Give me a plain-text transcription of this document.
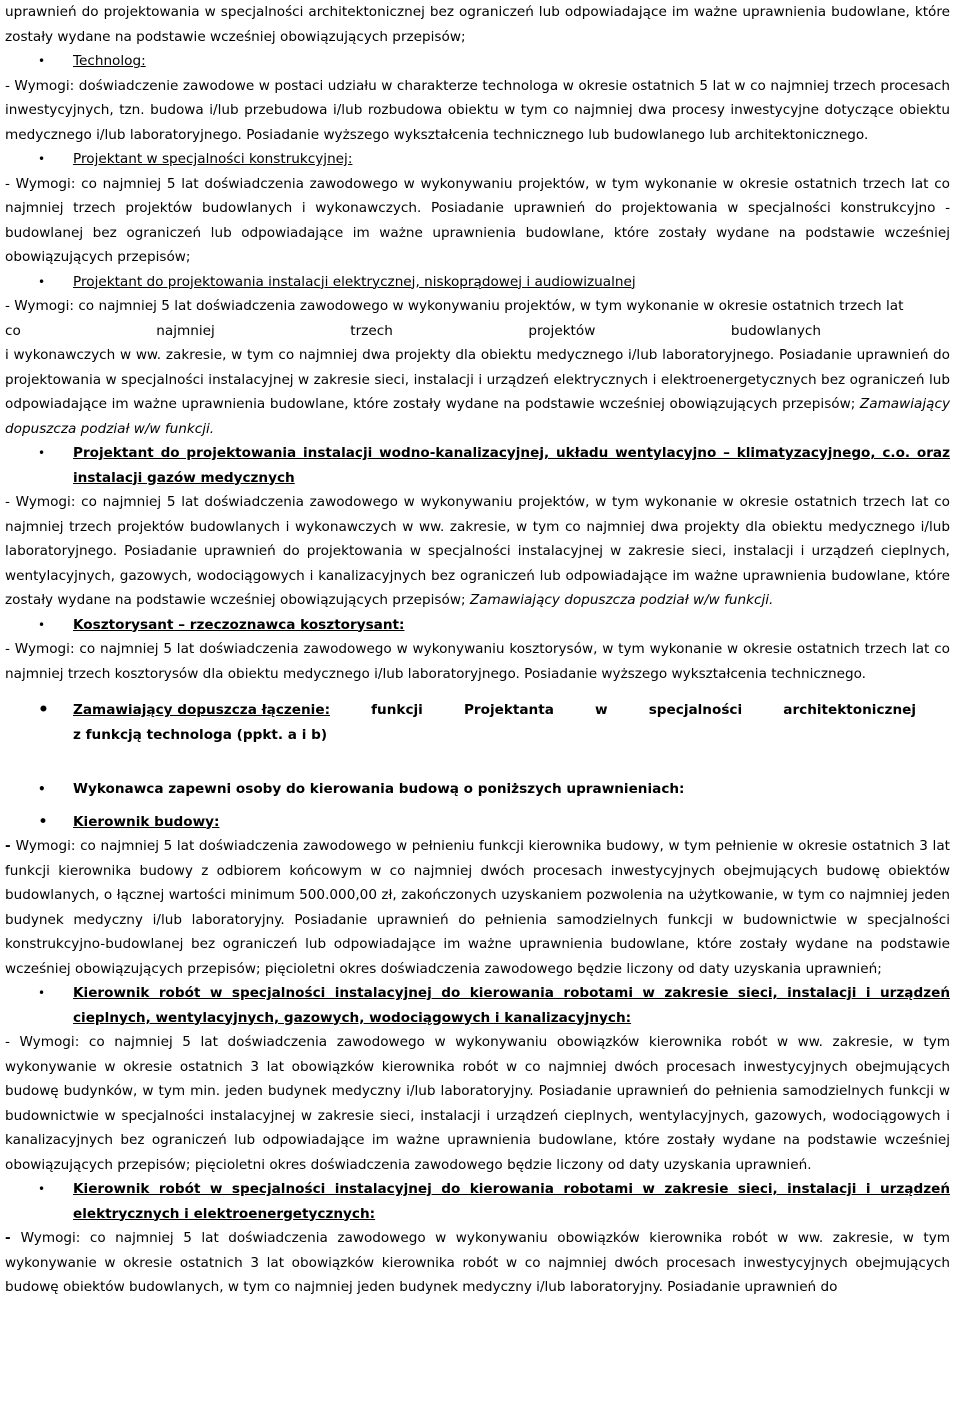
uprawnień do projektowania w specjalności architektonicznej bez ograniczeń lub odpowiadające im ważne uprawnienia budowlane, które zostały wydane na podstawie wcześniej obowiązujących przepisów;

• Technolog:

- Wymogi: doświadczenie zawodowe w postaci udziału w charakterze technologa w okresie ostatnich 5 lat w co najmniej trzech procesach inwestycyjnych, tzn. budowa i/lub przebudowa i/lub rozbudowa obiektu w tym co najmniej dwa procesy inwestycyjne dotyczące obiektu medycznego i/lub laboratoryjnego. Posiadanie wyższego wykształcenia technicznego lub budowlanego lub architektonicznego.

• Projektant w specjalności konstrukcyjnej:

- Wymogi: co najmniej 5 lat doświadczenia zawodowego w wykonywaniu projektów, w tym wykonanie w okresie ostatnich trzech lat co najmniej trzech projektów budowlanych i wykonawczych. Posiadanie uprawnień do projektowania w specjalności konstrukcyjno -budowlanej bez ograniczeń lub odpowiadające im ważne uprawnienia budowlane, które zostały wydane na podstawie wcześniej obowiązujących przepisów;

• Projektant do projektowania instalacji elektrycznej, niskoprądowej i audiowizualnej

- Wymogi: co najmniej 5 lat doświadczenia zawodowego w wykonywaniu projektów, w tym wykonanie w okresie ostatnich trzech lat

co	najmniej	trzech	projektów	budowlanych

i wykonawczych w ww. zakresie, w tym co najmniej dwa projekty dla obiektu medycznego i/lub laboratoryjnego. Posiadanie uprawnień do projektowania w specjalności instalacyjnej w zakresie sieci, instalacji i urządzeń elektrycznych i elektroenergetycznych bez ograniczeń lub odpowiadające im ważne uprawnienia budowlane, które zostały wydane na podstawie wcześniej obowiązujących przepisów; Zamawiający dopuszcza podział w/w funkcji.

• Projektant do projektowania instalacji wodno-kanalizacyjnej, układu wentylacyjno – klimatyzacyjnego, c.o. oraz instalacji gazów medycznych

- Wymogi: co najmniej 5 lat doświadczenia zawodowego w wykonywaniu projektów, w tym wykonanie w okresie ostatnich trzech lat co najmniej trzech projektów budowlanych i wykonawczych w ww. zakresie, w tym co najmniej dwa projekty dla obiektu medycznego i/lub laboratoryjnego. Posiadanie uprawnień do projektowania w specjalności instalacyjnej w zakresie sieci, instalacji i urządzeń cieplnych, wentylacyjnych, gazowych, wodociągowych i kanalizacyjnych bez ograniczeń lub odpowiadające im ważne uprawnienia budowlane, które zostały wydane na podstawie wcześniej obowiązujących przepisów; Zamawiający dopuszcza podział w/w funkcji.

• Kosztorysant – rzeczoznawca kosztorysant:

- Wymogi: co najmniej 5 lat doświadczenia zawodowego w wykonywaniu kosztorysów, w tym wykonanie w okresie ostatnich trzech lat co najmniej trzech kosztorysów dla obiektu medycznego i/lub laboratoryjnego. Posiadanie wyższego wykształcenia technicznego.

• Zamawiający dopuszcza łączenie:	funkcji	Projektanta	w	specjalności	architektonicznej
z funkcją technologa (ppkt. a i b)

• Wykonawca zapewni osoby do kierowania budową o poniższych uprawnieniach:

• Kierownik budowy:

- Wymogi: co najmniej 5 lat doświadczenia zawodowego w pełnieniu funkcji kierownika budowy, w tym pełnienie w okresie ostatnich 3 lat funkcji kierownika budowy z odbiorem końcowym w co najmniej dwóch procesach inwestycyjnych obejmujących budowę obiektów budowlanych, o łącznej wartości minimum 500.000,00 zł, zakończonych uzyskaniem pozwolenia na użytkowanie, w tym co najmniej jeden budynek medyczny i/lub laboratoryjny. Posiadanie uprawnień do pełnienia samodzielnych funkcji w budownictwie w specjalności konstrukcyjno-budowlanej bez ograniczeń lub odpowiadające im ważne uprawnienia budowlane, które zostały wydane na podstawie wcześniej obowiązujących przepisów; pięcioletni okres doświadczenia zawodowego będzie liczony od daty uzyskania uprawnień;

• Kierownik robót w specjalności instalacyjnej do kierowania robotami w zakresie sieci, instalacji i urządzeń cieplnych, wentylacyjnych, gazowych, wodociągowych i kanalizacyjnych:

- Wymogi: co najmniej 5 lat doświadczenia zawodowego w wykonywaniu obowiązków kierownika robót w ww. zakresie, w tym wykonywanie w okresie ostatnich 3 lat obowiązków kierownika robót w co najmniej dwóch procesach inwestycyjnych obejmujących budowę budynków, w tym min. jeden budynek medyczny i/lub laboratoryjny. Posiadanie uprawnień do pełnienia samodzielnych funkcji w budownictwie w specjalności instalacyjnej w zakresie sieci, instalacji i urządzeń cieplnych, wentylacyjnych, gazowych, wodociągowych i kanalizacyjnych bez ograniczeń lub odpowiadające im ważne uprawnienia budowlane, które zostały wydane na podstawie wcześniej obowiązujących przepisów; pięcioletni okres doświadczenia zawodowego będzie liczony od daty uzyskania uprawnień.

• Kierownik robót w specjalności instalacyjnej do kierowania robotami w zakresie sieci, instalacji i urządzeń elektrycznych i elektroenergetycznych:

- Wymogi: co najmniej 5 lat doświadczenia zawodowego w wykonywaniu obowiązków kierownika robót w ww. zakresie, w tym wykonywanie w okresie ostatnich 3 lat obowiązków kierownika robót w co najmniej dwóch procesach inwestycyjnych obejmujących budowę obiektów budowlanych, w tym co najmniej jeden budynek medyczny i/lub laboratoryjny. Posiadanie uprawnień do
